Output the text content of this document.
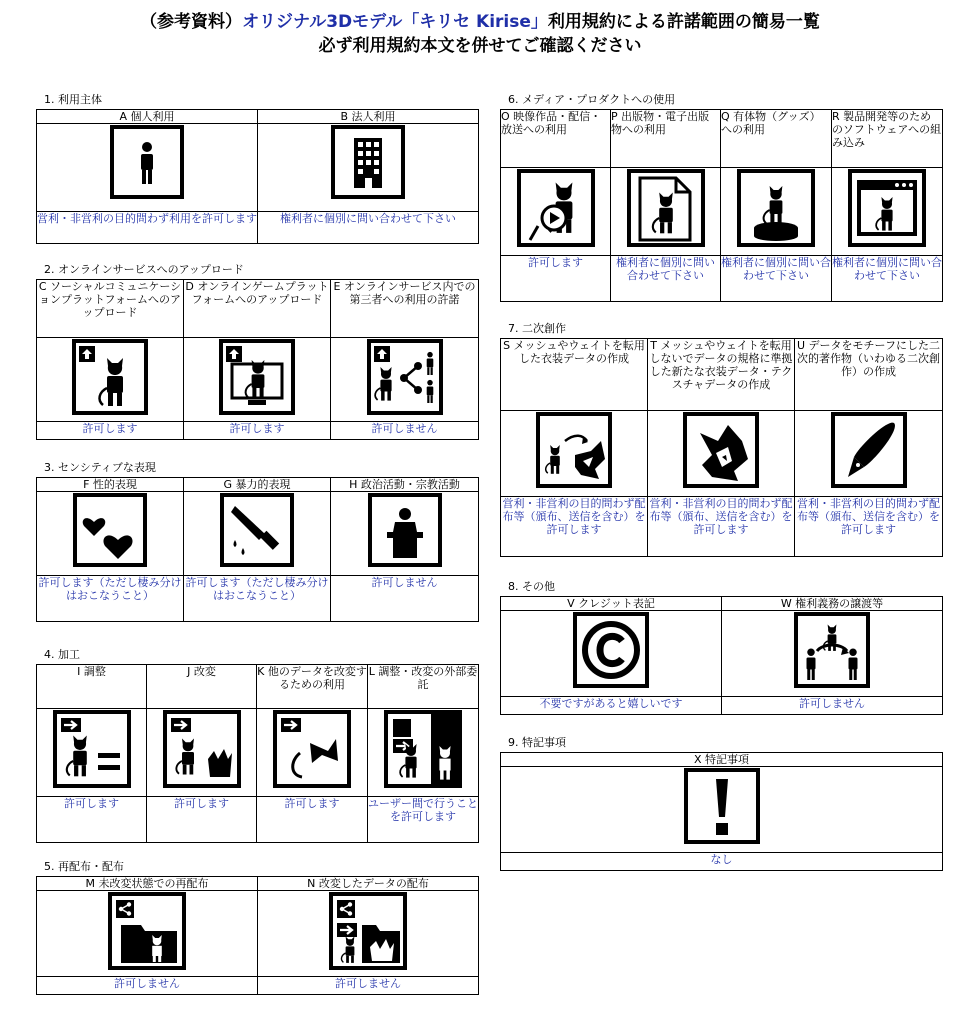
（参考資料）オリジナル3Dモデル「キリセ Kirise」利用規約による許諾範囲の簡易一覧
必ず利用規約本文を併せてご確認ください
1. 利用主体
A 個人利用	B 法人利用

営利・非営利の目的問わず利用を許可します	権利者に個別に問い合わせて下さい
2. オンラインサービスへのアップロード
C ソーシャルコミュニケーションプラットフォームへのアップロード	D オンラインゲームプラットフォームへのアップロード	E オンラインサービス内での第三者への利用の許諾

許可します	許可します	許可しません
3. センシティブな表現
F 性的表現	G 暴力的表現	H 政治活動・宗教活動

許可します（ただし棲み分けはおこなうこと）	許可します（ただし棲み分けはおこなうこと）	許可しません
4. 加工
I 調整	J 改変	K 他のデータを改変するための利用	L 調整・改変の外部委託

許可します	許可します	許可します	ユーザー間で行うことを許可します
5. 再配布・配布
M 未改変状態での再配布	N 改変したデータの配布

許可しません	許可しません
6. メディア・プロダクトへの使用
O 映像作品・配信・放送への利用	P 出版物・電子出版物への利用	Q 有体物（グッズ）への利用	R 製品開発等のためのソフトウェアへの組み込み

許可します	権利者に個別に問い合わせて下さい	権利者に個別に問い合わせて下さい	権利者に個別に問い合わせて下さい
7. 二次創作
S メッシュやウェイトを転用した衣装データの作成	T メッシュやウェイトを転用しないでデータの規格に準拠した新たな衣装データ・テクスチャデータの作成	U データをモチーフにした二次的著作物（いわゆる二次創作）の作成

営利・非営利の目的問わず配布等（頒布、送信を含む）を許可します	営利・非営利の目的問わず配布等（頒布、送信を含む）を許可します	営利・非営利の目的問わず配布等（頒布、送信を含む）を許可します
8. その他
V クレジット表記	W 権利義務の譲渡等

不要ですがあると嬉しいです	許可しません
9. 特記事項
X 特記事項

なし
